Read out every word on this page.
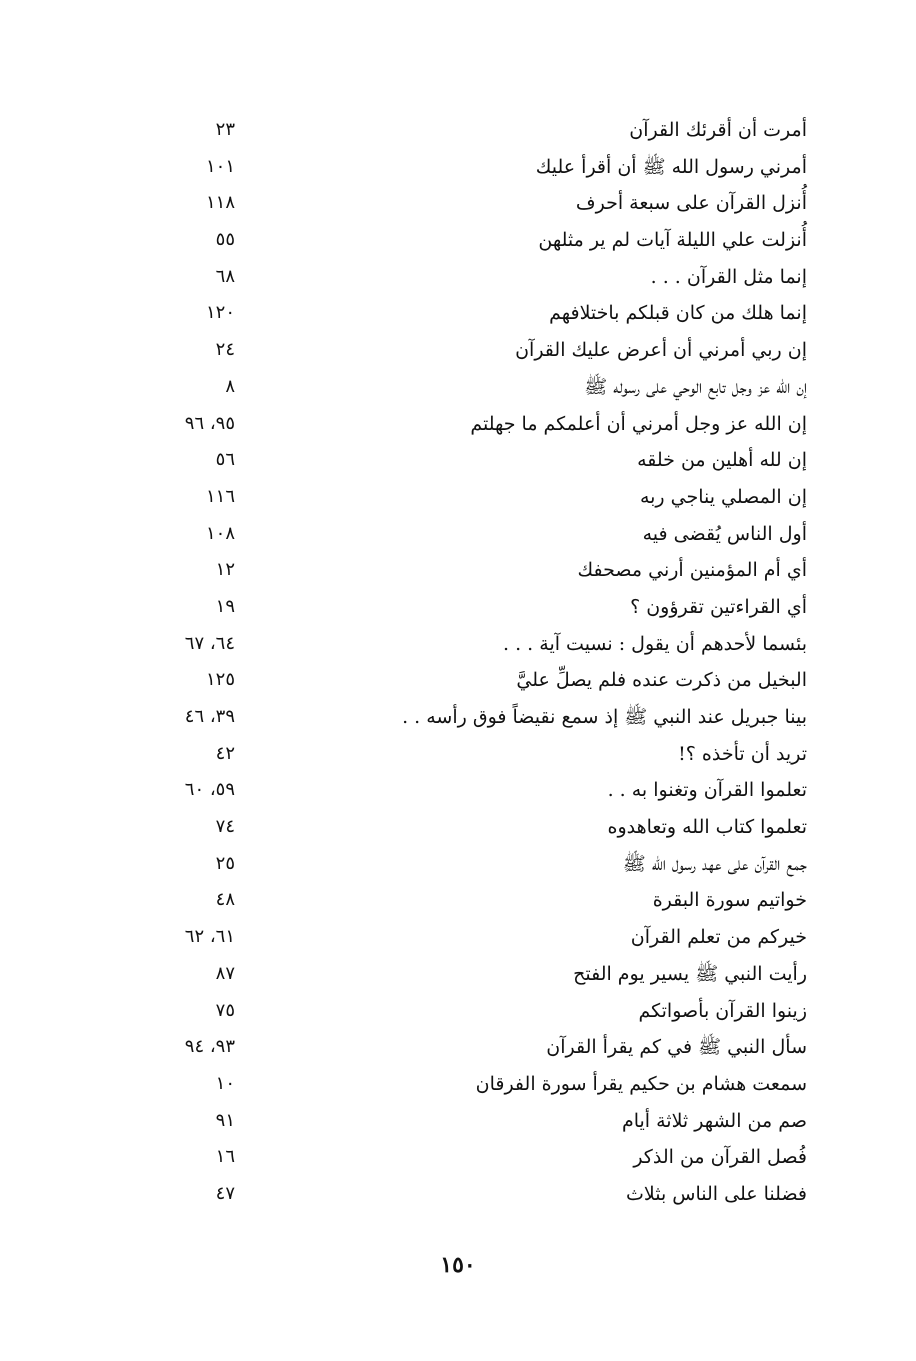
أمرت أن أقرئك القرآن
٢٣
أمرني رسول الله ﷺ أن أقرأ عليك
١٠١
أُنزل القرآن على سبعة أحرف
١١٨
أُنزلت علي الليلة آيات لم ير مثلهن
٥٥
إنما مثل القرآن . . .
٦٨
إنما هلك من كان قبلكم باختلافهم
١٢٠
إن ربي أمرني أن أعرض عليك القرآن
٢٤
إن الله عز وجل تابع الوحي على رسوله ﷺ
٨
إن الله عز وجل أمرني أن أعلمكم ما جهلتم
٩٥، ٩٦
إن لله أهلين من خلقه
٥٦
إن المصلي يناجي ربه
١١٦
أول الناس يُقضى فيه
١٠٨
أي أم المؤمنين أرني مصحفك
١٢
أي القراءتين تقرؤون ؟
١٩
بئسما لأحدهم أن يقول : نسيت آية . . .
٦٤، ٦٧
البخيل من ذكرت عنده فلم يصلِّ عليَّ
١٢٥
بينا جبريل عند النبي ﷺ إذ سمع نقيضاً فوق رأسه . .
٣٩، ٤٦
تريد أن تأخذه ؟!
٤٢
تعلموا القرآن وتغنوا به . .
٥٩، ٦٠
تعلموا كتاب الله وتعاهدوه
٧٤
جمع القرآن على عهد رسول الله ﷺ
٢٥
خواتيم سورة البقرة
٤٨
خيركم من تعلم القرآن
٦١، ٦٢
رأيت النبي ﷺ يسير يوم الفتح
٨٧
زينوا القرآن بأصواتكم
٧٥
سأل النبي ﷺ في كم يقرأ القرآن
٩٣، ٩٤
سمعت هشام بن حكيم يقرأ سورة الفرقان
١٠
صم من الشهر ثلاثة أيام
٩١
فُصل القرآن من الذكر
١٦
فضلنا على الناس بثلاث
٤٧
١٥٠
